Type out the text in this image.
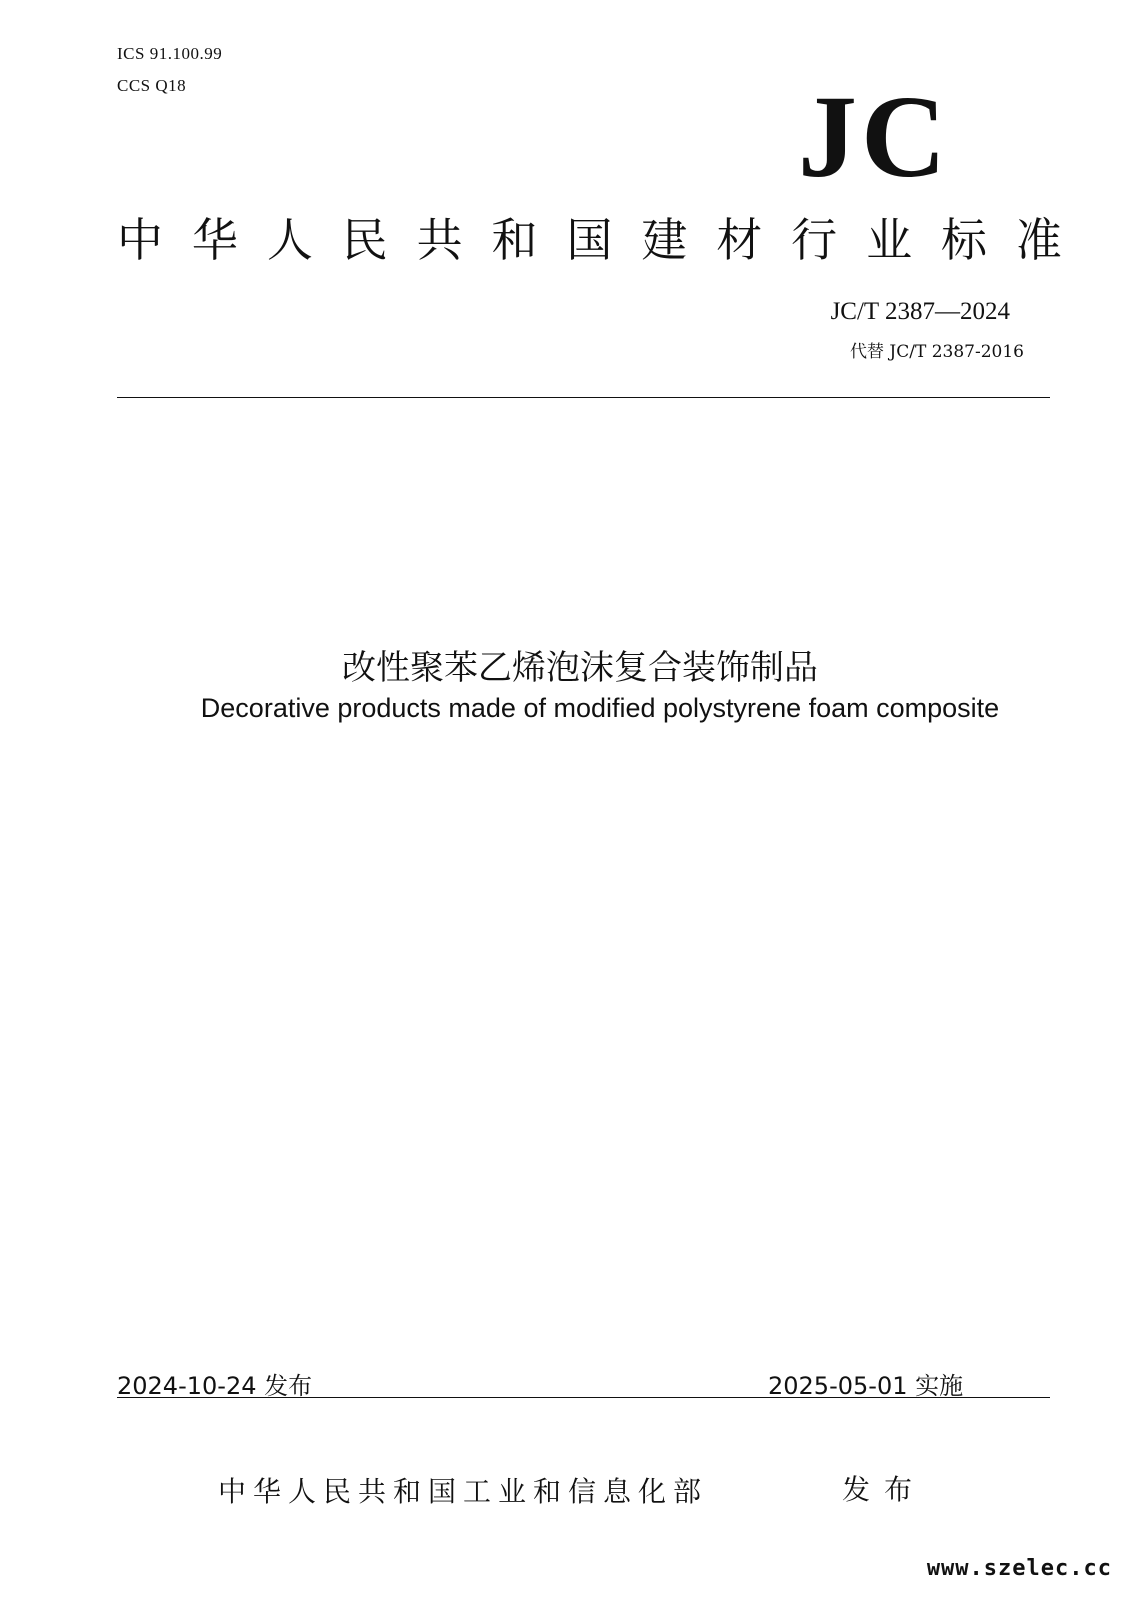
ICS 91.100.99
CCS Q18	JC
中 华 人 民 共 和 国 建 材 行 业 标 准
JC/T 2387—2024
代替 JC/T 2387-2016
改性聚苯乙烯泡沫复合装饰制品
Decorative products made of modified polystyrene foam composite
2024-10-24 发布	2025-05-01 实施
中华人民共和国工业和信息化部	发布
www.szelec.cc
